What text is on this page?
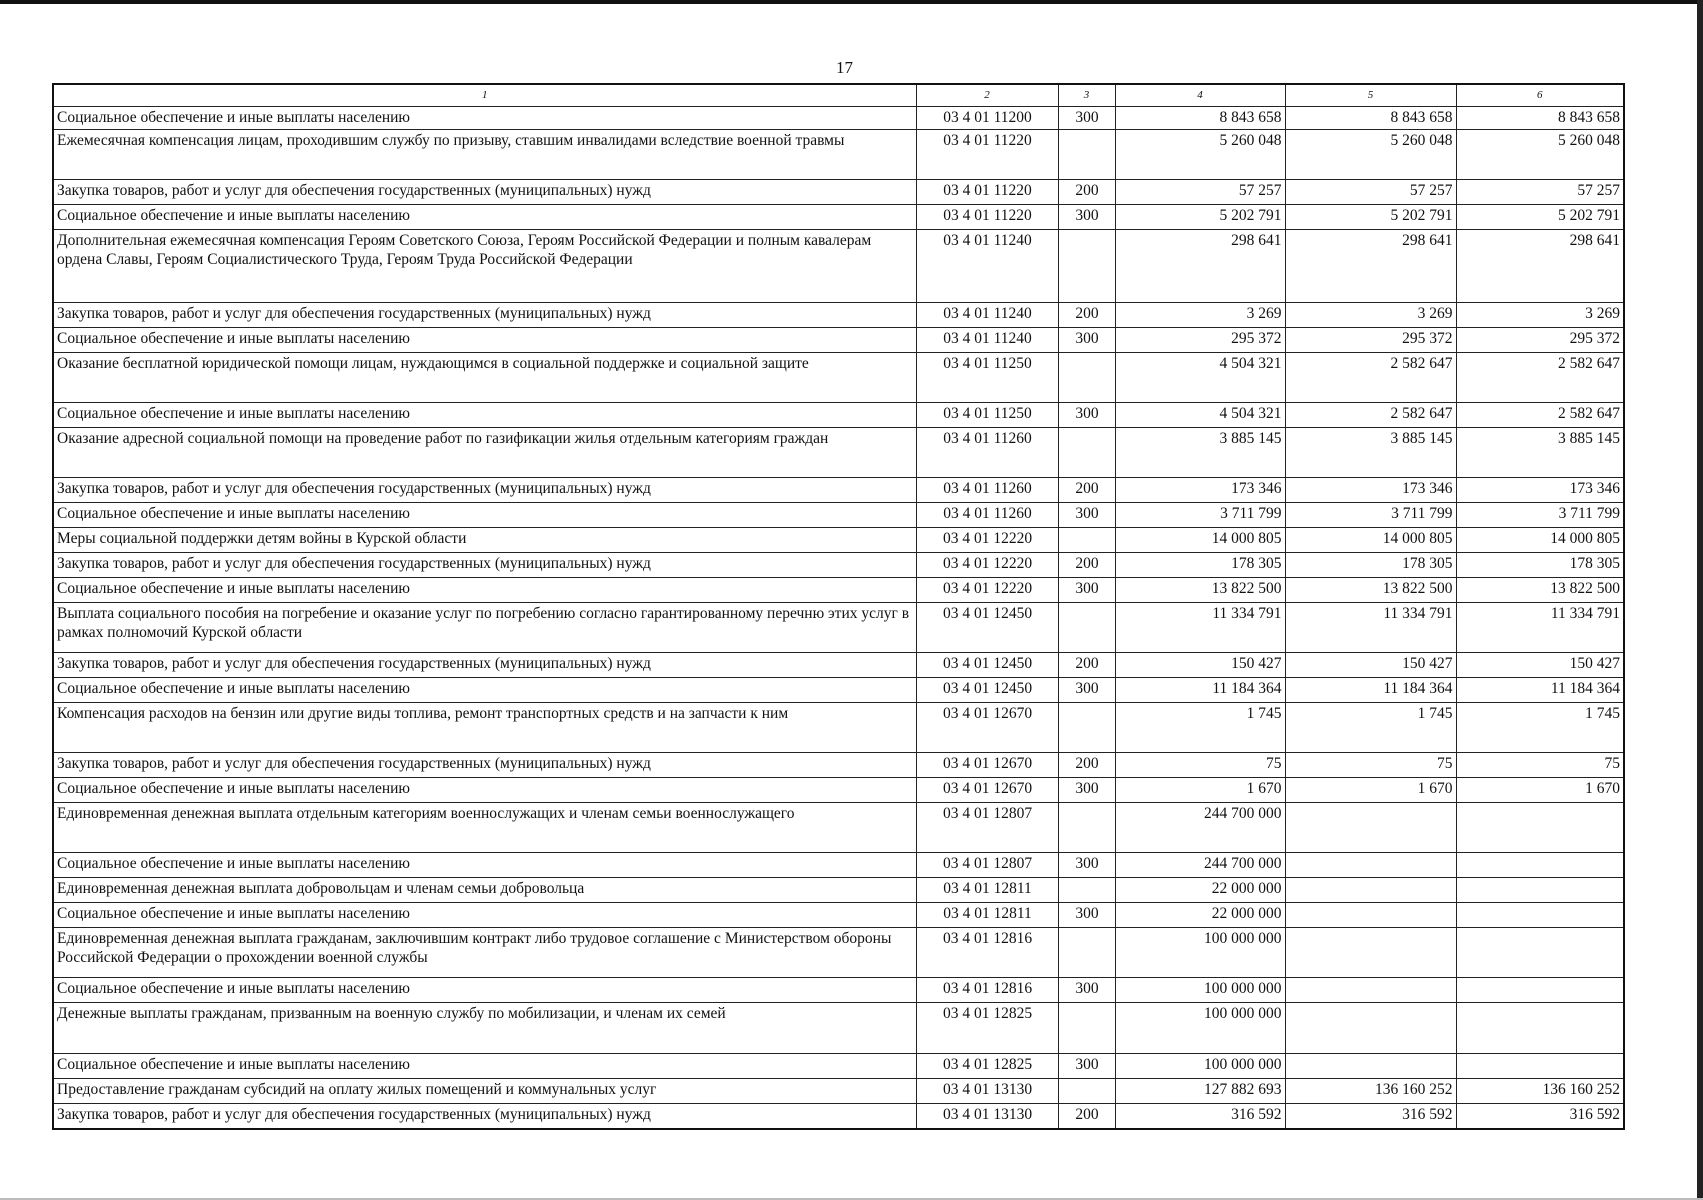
17
1	2	3	4	5	6
Социальное обеспечение и иные выплаты населению	03 4 01 11200	300	8 843 658	8 843 658	8 843 658
Ежемесячная компенсация лицам, проходившим службу по призыву, ставшим инвалидами вследствие военной травмы	03 4 01 11220		5 260 048	5 260 048	5 260 048
Закупка товаров, работ и услуг для обеспечения государственных (муниципальных) нужд	03 4 01 11220	200	57 257	57 257	57 257
Социальное обеспечение и иные выплаты населению	03 4 01 11220	300	5 202 791	5 202 791	5 202 791
Дополнительная ежемесячная компенсация Героям Советского Союза, Героям Российской Федерации и полным кавалерам ордена Славы, Героям Социалистического Труда, Героям Труда Российской Федерации	03 4 01 11240		298 641	298 641	298 641
Закупка товаров, работ и услуг для обеспечения государственных (муниципальных) нужд	03 4 01 11240	200	3 269	3 269	3 269
Социальное обеспечение и иные выплаты населению	03 4 01 11240	300	295 372	295 372	295 372
Оказание бесплатной юридической помощи лицам, нуждающимся в социальной поддержке и социальной защите	03 4 01 11250		4 504 321	2 582 647	2 582 647
Социальное обеспечение и иные выплаты населению	03 4 01 11250	300	4 504 321	2 582 647	2 582 647
Оказание адресной социальной помощи на проведение работ по газификации жилья отдельным категориям граждан	03 4 01 11260		3 885 145	3 885 145	3 885 145
Закупка товаров, работ и услуг для обеспечения государственных (муниципальных) нужд	03 4 01 11260	200	173 346	173 346	173 346
Социальное обеспечение и иные выплаты населению	03 4 01 11260	300	3 711 799	3 711 799	3 711 799
Меры социальной поддержки детям войны в Курской области	03 4 01 12220		14 000 805	14 000 805	14 000 805
Закупка товаров, работ и услуг для обеспечения государственных (муниципальных) нужд	03 4 01 12220	200	178 305	178 305	178 305
Социальное обеспечение и иные выплаты населению	03 4 01 12220	300	13 822 500	13 822 500	13 822 500
Выплата социального пособия на погребение и оказание услуг по погребению согласно гарантированному перечню этих услуг в рамках полномочий Курской области	03 4 01 12450		11 334 791	11 334 791	11 334 791
Закупка товаров, работ и услуг для обеспечения государственных (муниципальных) нужд	03 4 01 12450	200	150 427	150 427	150 427
Социальное обеспечение и иные выплаты населению	03 4 01 12450	300	11 184 364	11 184 364	11 184 364
Компенсация расходов на бензин или другие виды топлива, ремонт транспортных средств и на запчасти к ним	03 4 01 12670		1 745	1 745	1 745
Закупка товаров, работ и услуг для обеспечения государственных (муниципальных) нужд	03 4 01 12670	200	75	75	75
Социальное обеспечение и иные выплаты населению	03 4 01 12670	300	1 670	1 670	1 670
Единовременная денежная выплата отдельным категориям военнослужащих и членам семьи военнослужащего	03 4 01 12807		244 700 000		
Социальное обеспечение и иные выплаты населению	03 4 01 12807	300	244 700 000		
Единовременная денежная выплата добровольцам и членам семьи добровольца	03 4 01 12811		22 000 000		
Социальное обеспечение и иные выплаты населению	03 4 01 12811	300	22 000 000		
Единовременная денежная выплата гражданам, заключившим контракт либо трудовое соглашение с Министерством обороны Российской Федерации о прохождении военной службы	03 4 01 12816		100 000 000		
Социальное обеспечение и иные выплаты населению	03 4 01 12816	300	100 000 000		
Денежные выплаты гражданам, призванным на военную службу по мобилизации, и членам их семей	03 4 01 12825		100 000 000		
Социальное обеспечение и иные выплаты населению	03 4 01 12825	300	100 000 000		
Предоставление гражданам субсидий на оплату жилых помещений и коммунальных услуг	03 4 01 13130		127 882 693	136 160 252	136 160 252
Закупка товаров, работ и услуг для обеспечения государственных (муниципальных) нужд	03 4 01 13130	200	316 592	316 592	316 592
